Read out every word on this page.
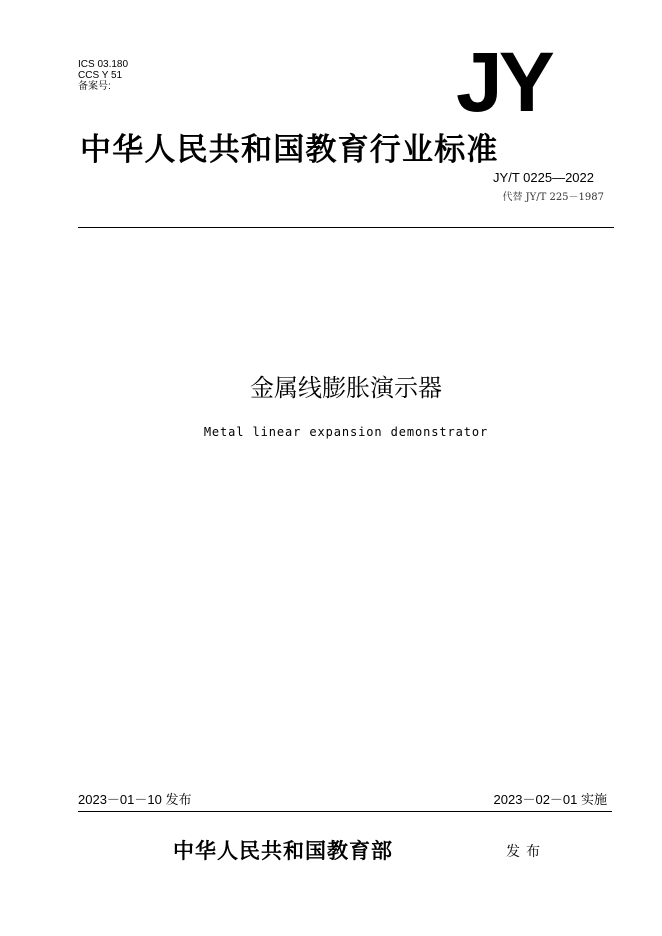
ICS 03.180
CCS Y 51
备案号:	JY
中华人民共和国教育行业标准
JY/T 0225—2022
代替 JY/T 225－1987
金属线膨胀演示器
Metal linear expansion demonstrator
2023－01－10 发布	2023－02－01 实施
中华人民共和国教育部	发布
